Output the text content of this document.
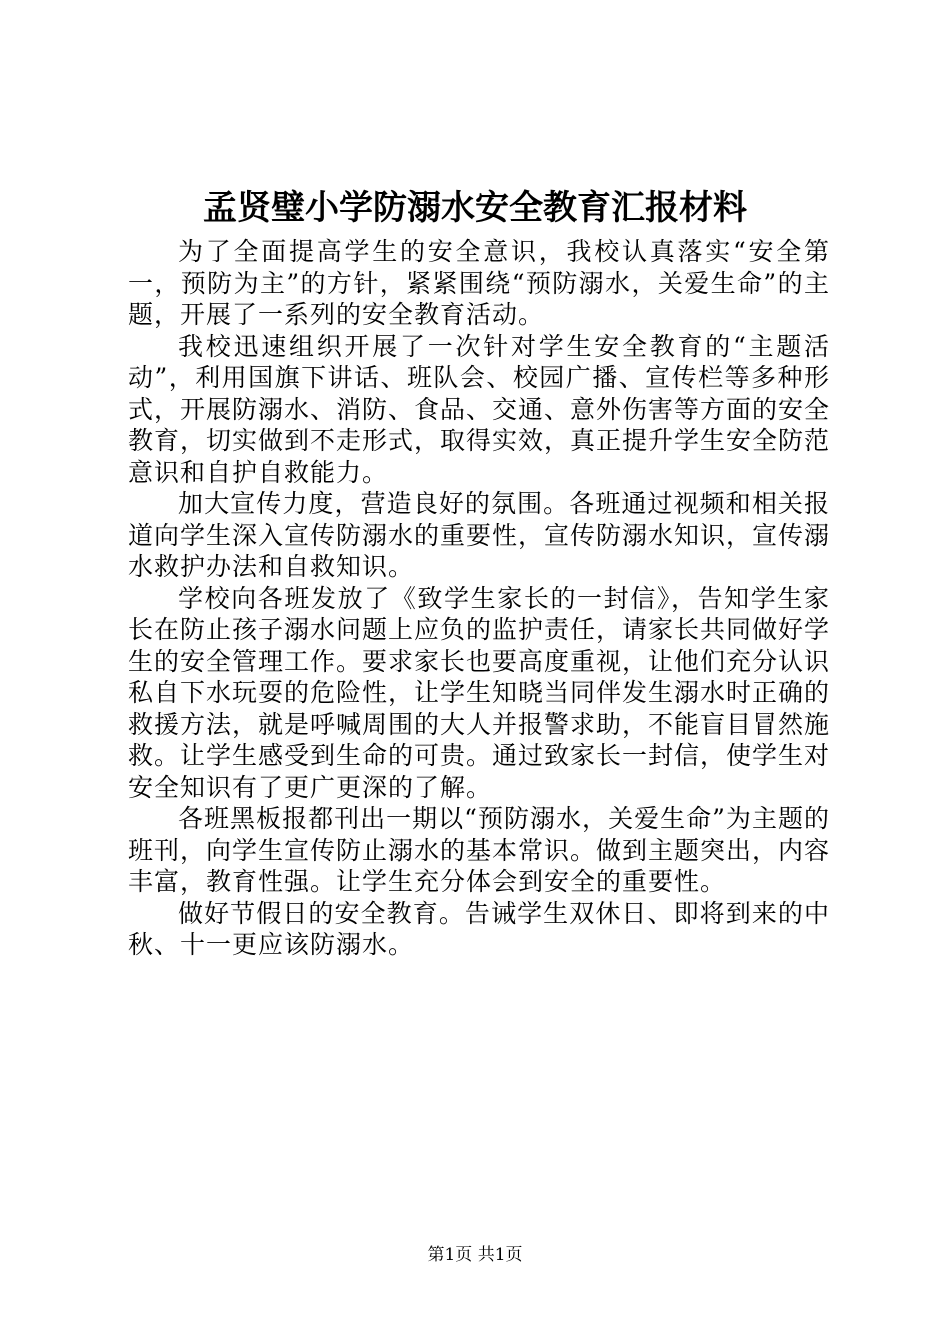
孟贤璧小学防溺水安全教育汇报材料

为了全面提高学生的安全意识，我校认真落实“安全第一，预防为主”的方针，紧紧围绕“预防溺水，关爱生命”的主题，开展了一系列的安全教育活动。

我校迅速组织开展了一次针对学生安全教育的“主题活动”，利用国旗下讲话、班队会、校园广播、宣传栏等多种形式，开展防溺水、消防、食品、交通、意外伤害等方面的安全教育，切实做到不走形式，取得实效，真正提升学生安全防范意识和自护自救能力。

加大宣传力度，营造良好的氛围。各班通过视频和相关报道向学生深入宣传防溺水的重要性，宣传防溺水知识，宣传溺水救护办法和自救知识。

学校向各班发放了《致学生家长的一封信》，告知学生家长在防止孩子溺水问题上应负的监护责任，请家长共同做好学生的安全管理工作。要求家长也要高度重视，让他们充分认识私自下水玩耍的危险性，让学生知晓当同伴发生溺水时正确的救援方法，就是呼喊周围的大人并报警求助，不能盲目冒然施救。让学生感受到生命的可贵。通过致家长一封信，使学生对安全知识有了更广更深的了解。

各班黑板报都刊出一期以“预防溺水，关爱生命”为主题的班刊，向学生宣传防止溺水的基本常识。做到主题突出，内容丰富，教育性强。让学生充分体会到安全的重要性。

做好节假日的安全教育。告诫学生双休日、即将到来的中秋、十一更应该防溺水。

第1页 共1页
